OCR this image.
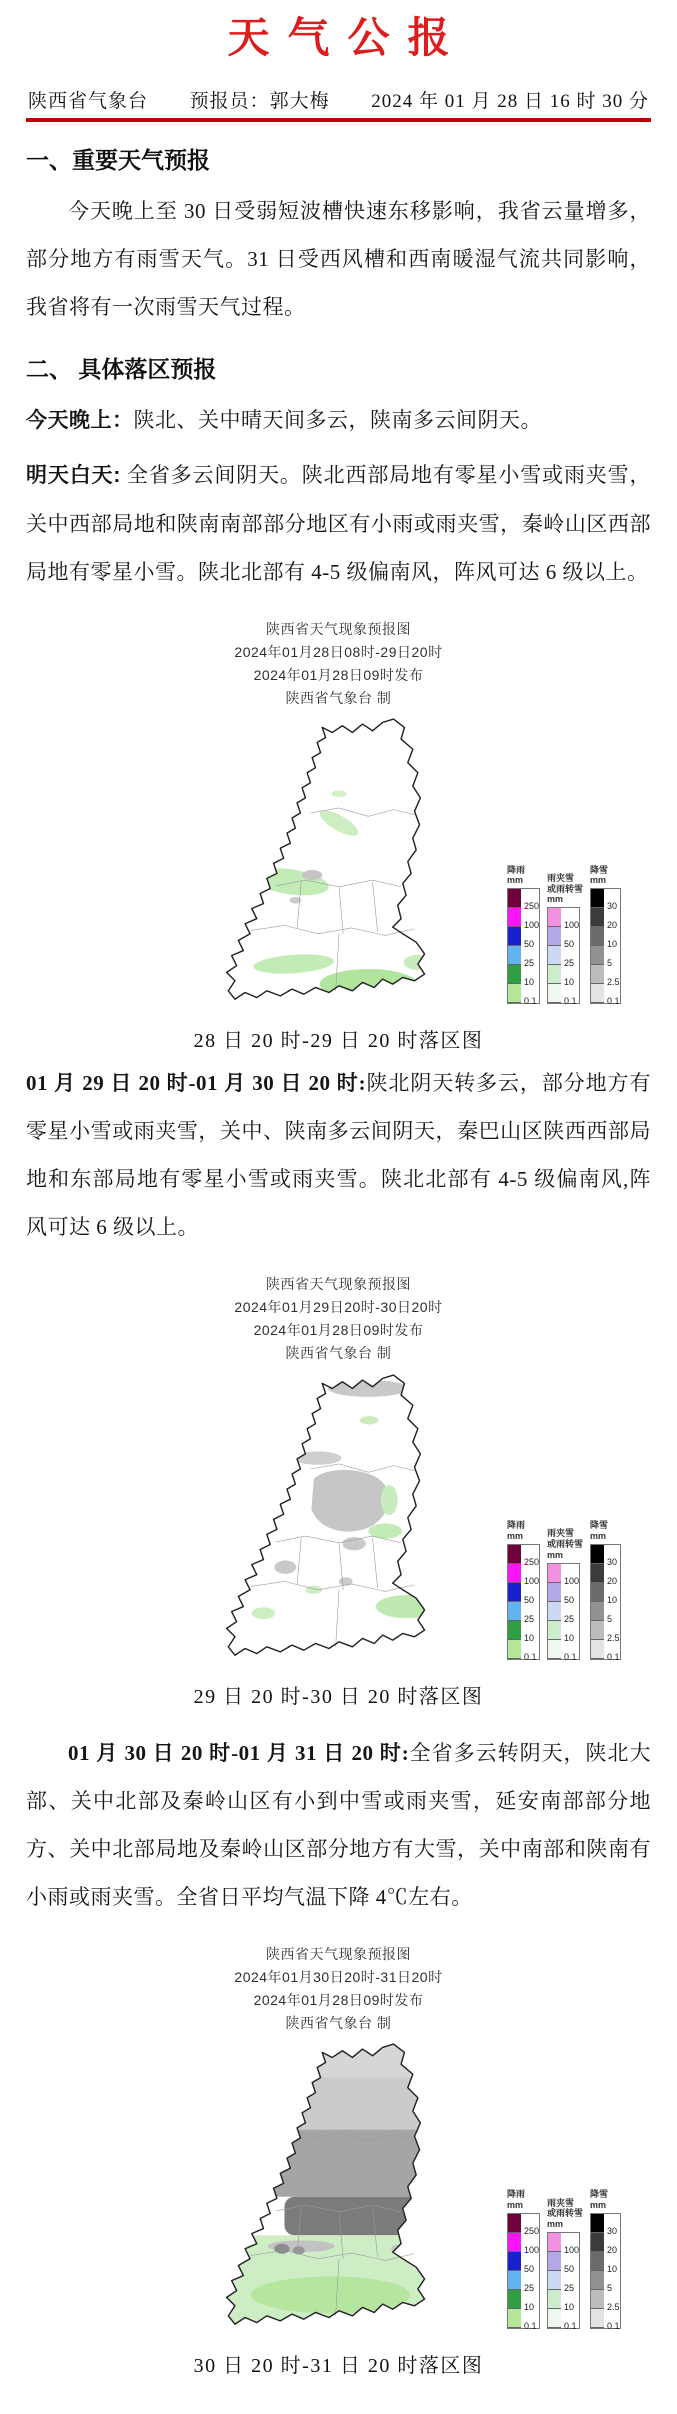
天气公报
陕西省气象台 预报员：郭大梅 2024 年 01 月 28 日 16 时 30 分
一、重要天气预报

今天晚上至 30 日受弱短波槽快速东移影响，我省云量增多，部分地方有雨雪天气。31 日受西风槽和西南暖湿气流共同影响，我省将有一次雨雪天气过程。

二、 具体落区预报

今天晚上：陕北、关中晴天间多云，陕南多云间阴天。

明天白天: 全省多云间阴天。陕北西部局地有零星小雪或雨夹雪，关中西部局地和陕南南部部分地区有小雨或雨夹雪，秦岭山区西部局地有零星小雪。陕北北部有 4-5 级偏南风，阵风可达 6 级以上。

陕西省天气现象预报图
2024年01月28日08时-29日20时
2024年01月28日09时发布
陕西省气象台 制
降雨
mm
250
100
50
25
10
0.1
雨夹雪
或雨转雪
mm
100
50
25
10
0.1
降雪
mm
30
20
10
5
2.5
0.1
28 日 20 时-29 日 20 时落区图

01 月 29 日 20 时-01 月 30 日 20 时:陕北阴天转多云，部分地方有零星小雪或雨夹雪，关中、陕南多云间阴天，秦巴山区陕西西部局地和东部局地有零星小雪或雨夹雪。陕北北部有 4-5 级偏南风,阵风可达 6 级以上。

陕西省天气现象预报图
2024年01月29日20时-30日20时
2024年01月28日09时发布
陕西省气象台 制
降雨
mm
250
100
50
25
10
0.1
雨夹雪
或雨转雪
mm
100
50
25
10
0.1
降雪
mm
30
20
10
5
2.5
0.1
29 日 20 时-30 日 20 时落区图

01 月 30 日 20 时-01 月 31 日 20 时:全省多云转阴天，陕北大部、关中北部及秦岭山区有小到中雪或雨夹雪，延安南部部分地方、关中北部局地及秦岭山区部分地方有大雪，关中南部和陕南有小雨或雨夹雪。全省日平均气温下降 4℃左右。

陕西省天气现象预报图
2024年01月30日20时-31日20时
2024年01月28日09时发布
陕西省气象台 制
降雨
mm
250
100
50
25
10
0.1
雨夹雪
或雨转雪
mm
100
50
25
10
0.1
降雪
mm
30
20
10
5
2.5
0.1
30 日 20 时-31 日 20 时落区图
